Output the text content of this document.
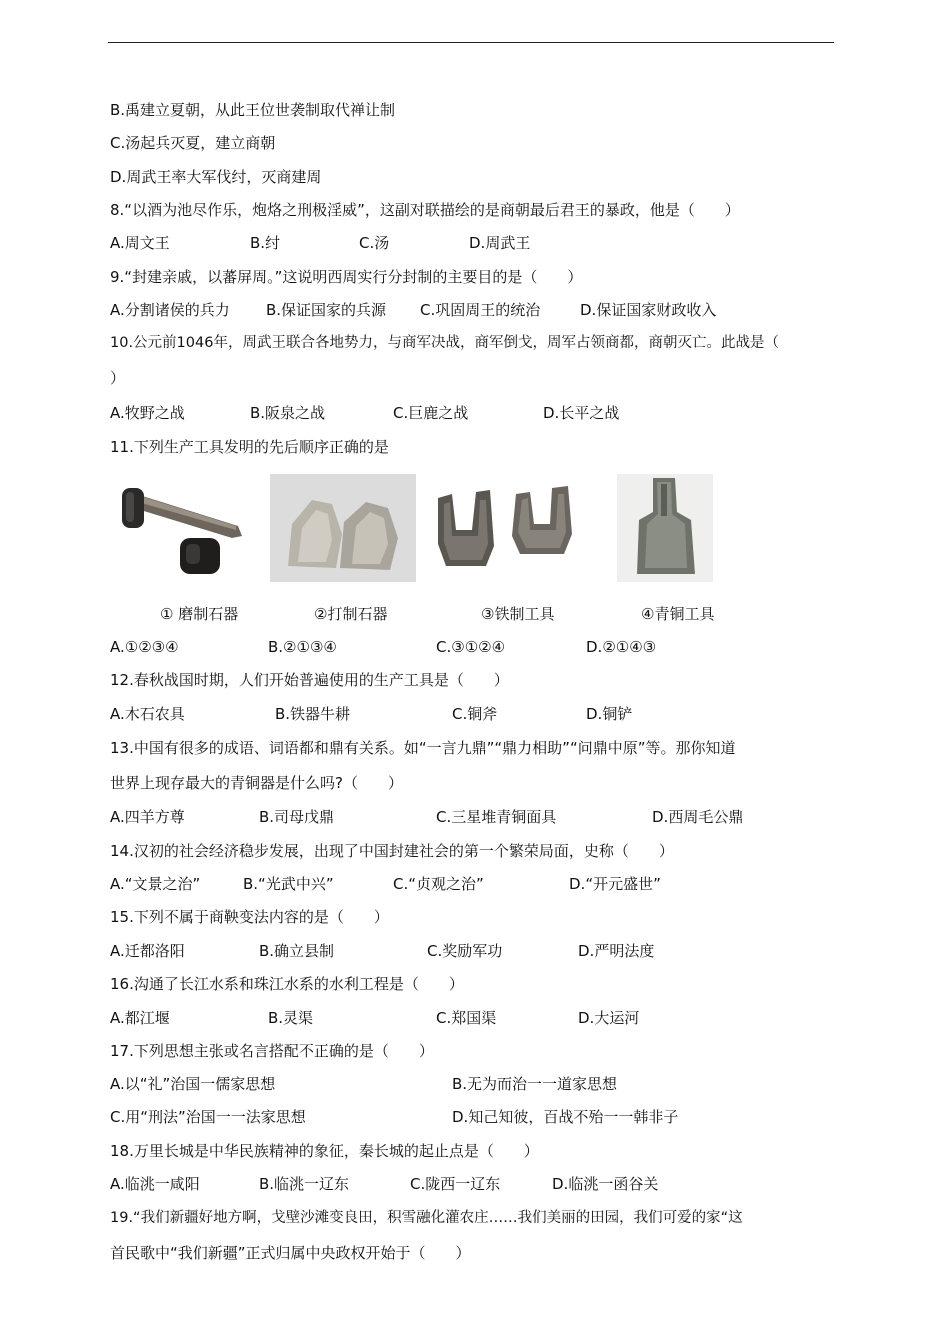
B.禹建立夏朝，从此王位世袭制取代禅让制
C.汤起兵灭夏，建立商朝
D.周武王率大军伐纣，灭商建周
8.“以酒为池尽作乐，炮烙之刑极淫威”，这副对联描绘的是商朝最后君王的暴政，他是（　　）
A.周文王	B.纣	C.汤	D.周武王
9.“封建亲戚，以蕃屏周。”这说明西周实行分封制的主要目的是（　　）
A.分割诸侯的兵力 B.保证国家的兵源 C.巩固周王的统治	D.保证国家财政收入
10.公元前1046年，周武王联合各地势力，与商军决战，商军倒戈，周军占领商都，商朝灭亡。此战是（
）
A.牧野之战	B.阪泉之战	C.巨鹿之战	D.长平之战
11.下列生产工具发明的先后顺序正确的是
① 磨制石器	②打制石器	③铁制工具	④青铜工具
A.①②③④	B.②①③④	C.③①②④	D.②①④③
12.春秋战国时期，人们开始普遍使用的生产工具是（　　）
A.木石农具	B.铁器牛耕	C.铜斧	D.铜铲
13.中国有很多的成语、词语都和鼎有关系。如“一言九鼎”“鼎力相助”“问鼎中原”等。那你知道
世界上现存最大的青铜器是什么吗?（　　）
A.四羊方尊	B.司母戊鼎	C.三星堆青铜面具	D.西周毛公鼎
14.汉初的社会经济稳步发展，出现了中国封建社会的第一个繁荣局面，史称（　　）
A.“文景之治”	B.“光武中兴”	C.“贞观之治”	D.“开元盛世”
15.下列不属于商鞅变法内容的是（　　）
A.迁都洛阳	B.确立县制	C.奖励军功	D.严明法度
16.沟通了长江水系和珠江水系的水利工程是（　　）
A.都江堰	B.灵渠	C.郑国渠	D.大运河
17.下列思想主张或名言搭配不正确的是（　　）
A.以“礼”治国一儒家思想	B.无为而治一一道家思想
C.用“刑法”治国一一法家思想	D.知己知彼，百战不殆一一韩非子
18.万里长城是中华民族精神的象征，秦长城的起止点是（　　）
A.临洮一咸阳	B.临洮一辽东	C.陇西一辽东	D.临洮一函谷关
19.“我们新疆好地方啊，戈壁沙滩变良田，积雪融化灌农庄……我们美丽的田园，我们可爱的家“这
首民歌中“我们新疆”正式归属中央政权开始于（　　）
